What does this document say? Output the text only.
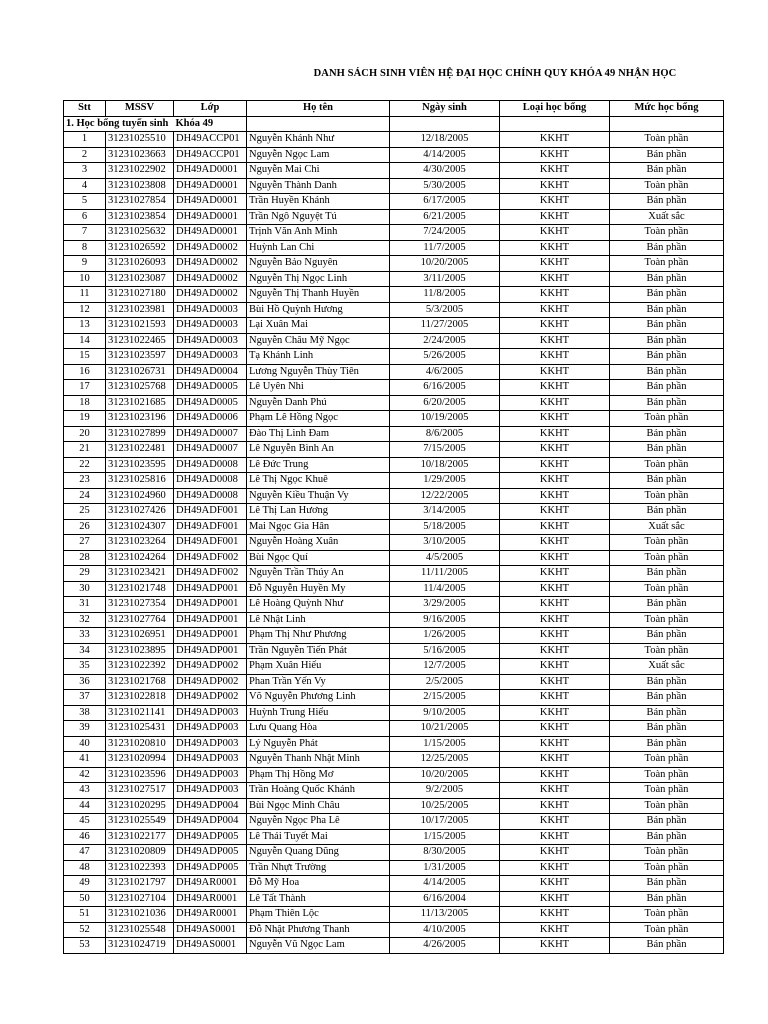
DANH SÁCH SINH VIÊN HỆ ĐẠI HỌC CHÍNH QUY KHÓA 49 NHẬN HỌC
Stt	MSSV	Lớp	Họ tên	Ngày sinh	Loại học bổng	Mức học bổng
1. Học bổng tuyển sinh		Khóa 49				
1	31231025510	DH49ACCP01	Nguyễn Khánh Như	12/18/2005	KKHT	Toàn phần
2	31231023663	DH49ACCP01	Nguyễn Ngọc Lam	4/14/2005	KKHT	Bán phần
3	31231022902	DH49AD0001	Nguyễn Mai Chi	4/30/2005	KKHT	Bán phần
4	31231023808	DH49AD0001	Nguyễn Thành Danh	5/30/2005	KKHT	Toàn phần
5	31231027854	DH49AD0001	Trần Huyền Khánh	6/17/2005	KKHT	Bán phần
6	31231023854	DH49AD0001	Trần Ngô Nguyệt Tú	6/21/2005	KKHT	Xuất sắc
7	31231025632	DH49AD0001	Trịnh Văn Anh Minh	7/24/2005	KKHT	Toàn phần
8	31231026592	DH49AD0002	Huỳnh Lan Chi	11/7/2005	KKHT	Bán phần
9	31231026093	DH49AD0002	Nguyễn Bảo Nguyên	10/20/2005	KKHT	Toàn phần
10	31231023087	DH49AD0002	Nguyễn Thị Ngọc Linh	3/11/2005	KKHT	Bán phần
11	31231027180	DH49AD0002	Nguyễn Thị Thanh Huyền	11/8/2005	KKHT	Bán phần
12	31231023981	DH49AD0003	Bùi Hồ Quỳnh Hương	5/3/2005	KKHT	Bán phần
13	31231021593	DH49AD0003	Lại Xuân Mai	11/27/2005	KKHT	Bán phần
14	31231022465	DH49AD0003	Nguyễn Châu Mỹ Ngọc	2/24/2005	KKHT	Bán phần
15	31231023597	DH49AD0003	Tạ Khánh Linh	5/26/2005	KKHT	Bán phần
16	31231026731	DH49AD0004	Lương Nguyễn Thùy Tiên	4/6/2005	KKHT	Bán phần
17	31231025768	DH49AD0005	Lê Uyên Nhi	6/16/2005	KKHT	Bán phần
18	31231021685	DH49AD0005	Nguyễn Danh Phú	6/20/2005	KKHT	Bán phần
19	31231023196	DH49AD0006	Phạm Lê Hồng Ngọc	10/19/2005	KKHT	Toàn phần
20	31231027899	DH49AD0007	Đào Thị Linh Đam	8/6/2005	KKHT	Bán phần
21	31231022481	DH49AD0007	Lê Nguyễn Bình An	7/15/2005	KKHT	Bán phần
22	31231023595	DH49AD0008	Lê Đức Trung	10/18/2005	KKHT	Toàn phần
23	31231025816	DH49AD0008	Lê Thị Ngọc Khuê	1/29/2005	KKHT	Bán phần
24	31231024960	DH49AD0008	Nguyễn Kiều Thuận Vy	12/22/2005	KKHT	Toàn phần
25	31231027426	DH49ADF001	Lê Thị Lan Hương	3/14/2005	KKHT	Bán phần
26	31231024307	DH49ADF001	Mai Ngọc Gia Hân	5/18/2005	KKHT	Xuất sắc
27	31231023264	DH49ADF001	Nguyễn Hoàng Xuân	3/10/2005	KKHT	Toàn phần
28	31231024264	DH49ADF002	Bùi Ngọc Quí	4/5/2005	KKHT	Toàn phần
29	31231023421	DH49ADF002	Nguyễn Trần Thúy An	11/11/2005	KKHT	Bán phần
30	31231021748	DH49ADP001	Đỗ Nguyễn Huyền My	11/4/2005	KKHT	Toàn phần
31	31231027354	DH49ADP001	Lê Hoàng Quỳnh Như	3/29/2005	KKHT	Bán phần
32	31231027764	DH49ADP001	Lê Nhật Linh	9/16/2005	KKHT	Toàn phần
33	31231026951	DH49ADP001	Phạm Thị Như Phương	1/26/2005	KKHT	Bán phần
34	31231023895	DH49ADP001	Trần Nguyễn Tiến Phát	5/16/2005	KKHT	Toàn phần
35	31231022392	DH49ADP002	Phạm Xuân Hiếu	12/7/2005	KKHT	Xuất sắc
36	31231021768	DH49ADP002	Phan Trần Yến Vy	2/5/2005	KKHT	Bán phần
37	31231022818	DH49ADP002	Võ Nguyễn Phương Linh	2/15/2005	KKHT	Bán phần
38	31231021141	DH49ADP003	Huỳnh Trung Hiếu	9/10/2005	KKHT	Bán phần
39	31231025431	DH49ADP003	Lưu Quang Hòa	10/21/2005	KKHT	Bán phần
40	31231020810	DH49ADP003	Lý Nguyễn Phát	1/15/2005	KKHT	Bán phần
41	31231020994	DH49ADP003	Nguyễn Thanh Nhật Minh	12/25/2005	KKHT	Toàn phần
42	31231023596	DH49ADP003	Phạm Thị Hồng Mơ	10/20/2005	KKHT	Toàn phần
43	31231027517	DH49ADP003	Trần Hoàng Quốc Khánh	9/2/2005	KKHT	Toàn phần
44	31231020295	DH49ADP004	Bùi Ngọc Minh Châu	10/25/2005	KKHT	Toàn phần
45	31231025549	DH49ADP004	Nguyễn Ngọc Pha Lê	10/17/2005	KKHT	Bán phần
46	31231022177	DH49ADP005	Lê Thái Tuyết Mai	1/15/2005	KKHT	Bán phần
47	31231020809	DH49ADP005	Nguyễn Quang Dũng	8/30/2005	KKHT	Toàn phần
48	31231022393	DH49ADP005	Trần Nhựt Trường	1/31/2005	KKHT	Toàn phần
49	31231021797	DH49AR0001	Đỗ Mỹ Hoa	4/14/2005	KKHT	Bán phần
50	31231027104	DH49AR0001	Lê Tất Thành	6/16/2004	KKHT	Bán phần
51	31231021036	DH49AR0001	Phạm Thiên Lộc	11/13/2005	KKHT	Toàn phần
52	31231025548	DH49AS0001	Đỗ Nhật Phương Thanh	4/10/2005	KKHT	Toàn phần
53	31231024719	DH49AS0001	Nguyễn Vũ Ngọc Lam	4/26/2005	KKHT	Bán phần
